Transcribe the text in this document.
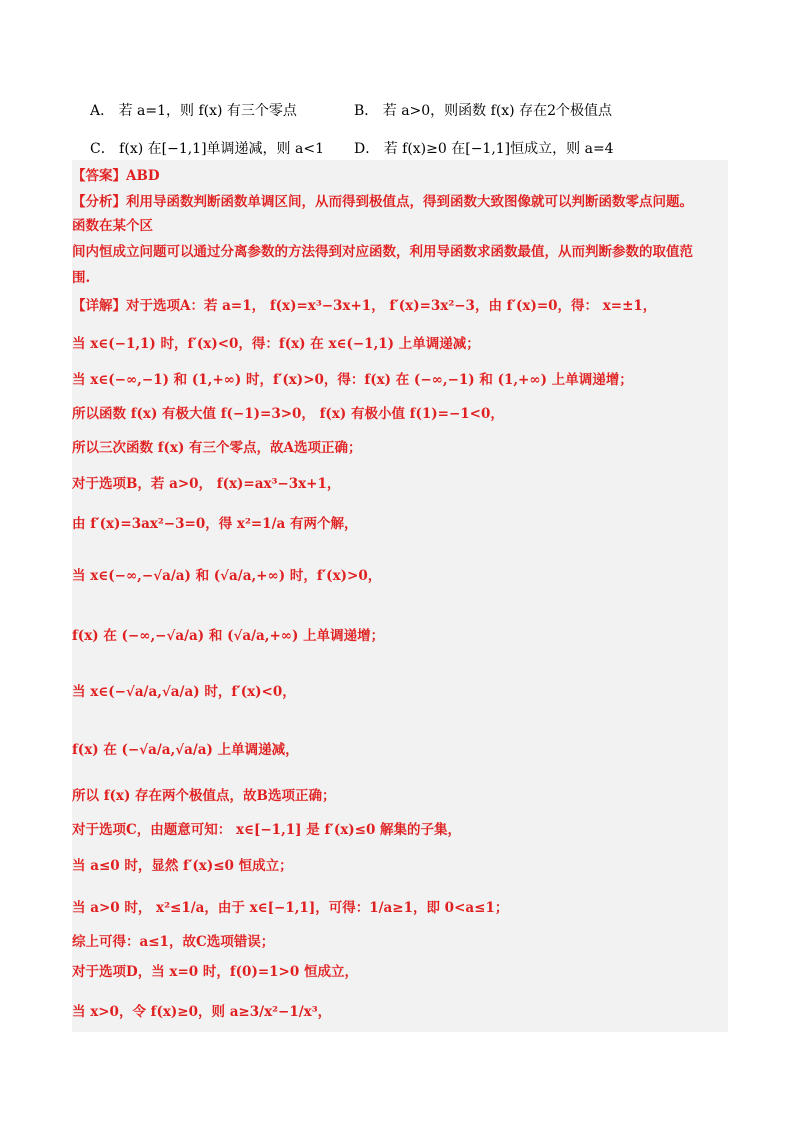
A． 若 a=1，则 f(x) 有三个零点	B． 若 a>0，则函数 f(x) 存在2个极值点
C． f(x) 在[−1,1]单调递减，则 a<1 D． 若 f(x)≥0 在[−1,1]恒成立，则 a=4
【答案】ABD
【分析】利用导函数判断函数单调区间，从而得到极值点，得到函数大致图像就可以判断函数零点问题。
函数在某个区
间内恒成立问题可以通过分离参数的方法得到对应函数，利用导函数求函数最值，从而判断参数的取值范
围.
【详解】对于选项A：若 a=1， f(x)=x³−3x+1， f′(x)=3x²−3，由 f′(x)=0，得： x=±1，
当 x∈(−1,1) 时，f′(x)<0，得：f(x) 在 x∈(−1,1) 上单调递减；
当 x∈(−∞,−1) 和 (1,+∞) 时，f′(x)>0，得：f(x) 在 (−∞,−1) 和 (1,+∞) 上单调递增；
所以函数 f(x) 有极大值 f(−1)=3>0， f(x) 有极小值 f(1)=−1<0，
所以三次函数 f(x) 有三个零点，故A选项正确；
对于选项B，若 a>0， f(x)=ax³−3x+1，
由 f′(x)=3ax²−3=0，得 x²=1/a 有两个解，
当 x∈(−∞,−√a/a) 和 (√a/a,+∞) 时，f′(x)>0，
f(x) 在 (−∞,−√a/a) 和 (√a/a,+∞) 上单调递增；
当 x∈(−√a/a,√a/a) 时，f′(x)<0，
f(x) 在 (−√a/a,√a/a) 上单调递减，
所以 f(x) 存在两个极值点，故B选项正确；
对于选项C，由题意可知： x∈[−1,1] 是 f′(x)≤0 解集的子集，
当 a≤0 时，显然 f′(x)≤0 恒成立；
当 a>0 时， x²≤1/a，由于 x∈[−1,1]，可得：1/a≥1，即 0<a≤1；
综上可得：a≤1，故C选项错误；
对于选项D，当 x=0 时，f(0)=1>0 恒成立，
当 x>0，令 f(x)≥0，则 a≥3/x²−1/x³，
